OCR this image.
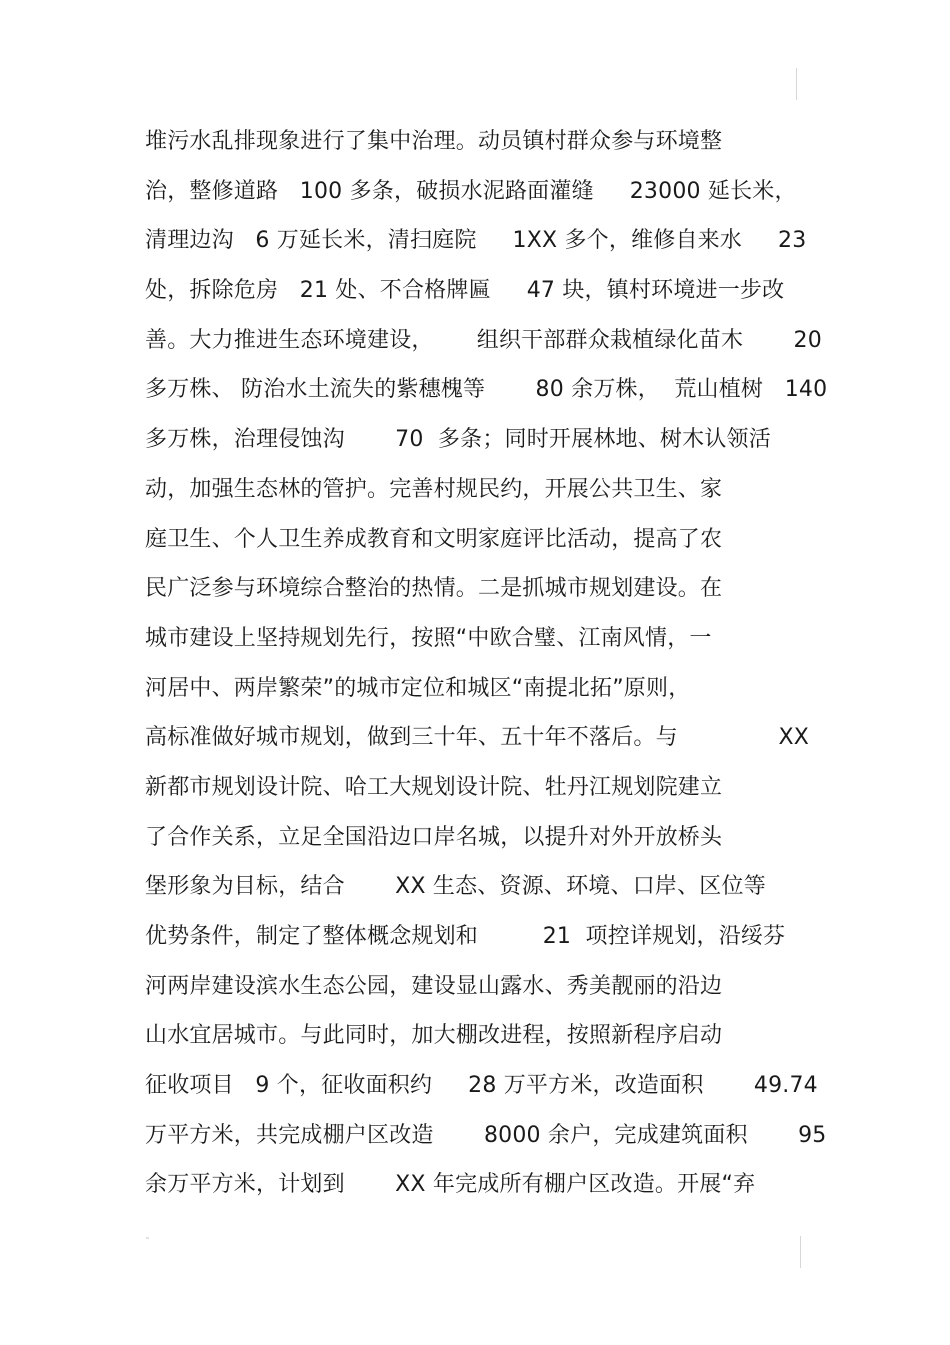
堆污水乱排现象进行了集中治理。动员镇村群众参与环境整
治，整修道路   100 多条，破损水泥路面灌缝     23000 延长米，
清理边沟   6 万延长米，清扫庭院     1XX 多个，维修自来水     23
处，拆除危房   21 处、不合格牌匾     47 块，镇村环境进一步改
善。大力推进生态环境建设，      组织干部群众栽植绿化苗木       20
多万株、 防治水土流失的紫穗槐等       80 余万株，  荒山植树   140
多万株，治理侵蚀沟       70  多条；同时开展林地、树木认领活
动，加强生态林的管护。完善村规民约，开展公共卫生、家
庭卫生、个人卫生养成教育和文明家庭评比活动，提高了农
民广泛参与环境综合整治的热情。二是抓城市规划建设。在
城市建设上坚持规划先行，按照“中欧合璧、江南风情，一
河居中、两岸繁荣”的城市定位和城区“南提北拓”原则，
高标准做好城市规划，做到三十年、五十年不落后。与              XX
新都市规划设计院、哈工大规划设计院、牡丹江规划院建立
了合作关系，立足全国沿边口岸名城，以提升对外开放桥头
堡形象为目标，结合       XX 生态、资源、环境、口岸、区位等
优势条件，制定了整体概念规划和         21  项控详规划，沿绥芬
河两岸建设滨水生态公园，建设显山露水、秀美靓丽的沿边
山水宜居城市。与此同时，加大棚改进程，按照新程序启动
征收项目   9 个，征收面积约     28 万平方米，改造面积       49.74
万平方米，共完成棚户区改造       8000 余户，完成建筑面积       95
余万平方米，计划到       XX 年完成所有棚户区改造。开展“弃
